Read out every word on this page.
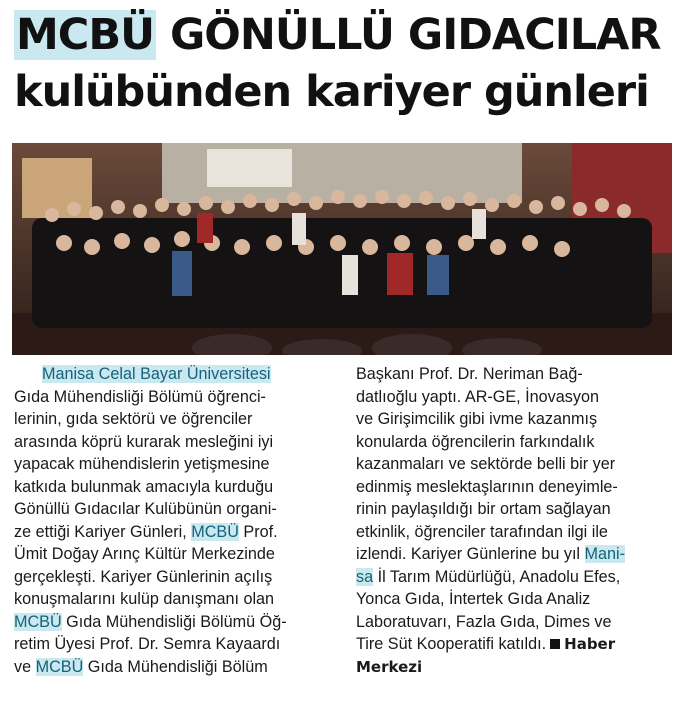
MCBÜ GÖNÜLLÜ GIDACILAR
kulübünden kariyer günleri

Manisa Celal Bayar Üniversitesi
Gıda Mühendisliği Bölümü öğrenci-
lerinin, gıda sektörü ve öğrenciler
arasında köprü kurarak mesleğini iyi
yapacak mühendislerin yetişmesine
katkıda bulunmak amacıyla kurduğu
Gönüllü Gıdacılar Kulübünün organi-
ze ettiği Kariyer Günleri, MCBÜ Prof.
Ümit Doğay Arınç Kültür Merkezinde
gerçekleşti. Kariyer Günlerinin açılış
konuşmalarını kulüp danışmanı olan
MCBÜ Gıda Mühendisliği Bölümü Öğ-
retim Üyesi Prof. Dr. Semra Kayaardı
ve MCBÜ Gıda Mühendisliği Bölüm

Başkanı Prof. Dr. Neriman Bağ-
datlıoğlu yaptı. AR-GE, İnovasyon
ve Girişimcilik gibi ivme kazanmış
konularda öğrencilerin farkındalık
kazanmaları ve sektörde belli bir yer
edinmiş meslektaşlarının deneyimle-
rinin paylaşıldığı bir ortam sağlayan
etkinlik, öğrenciler tarafından ilgi ile
izlendi. Kariyer Günlerine bu yıl Mani-
sa İl Tarım Müdürlüğü, Anadolu Efes,
Yonca Gıda, İntertek Gıda Analiz
Laboratuvarı, Fazla Gıda, Dimes ve
Tire Süt Kooperatifi katıldı. Haber
Merkezi
